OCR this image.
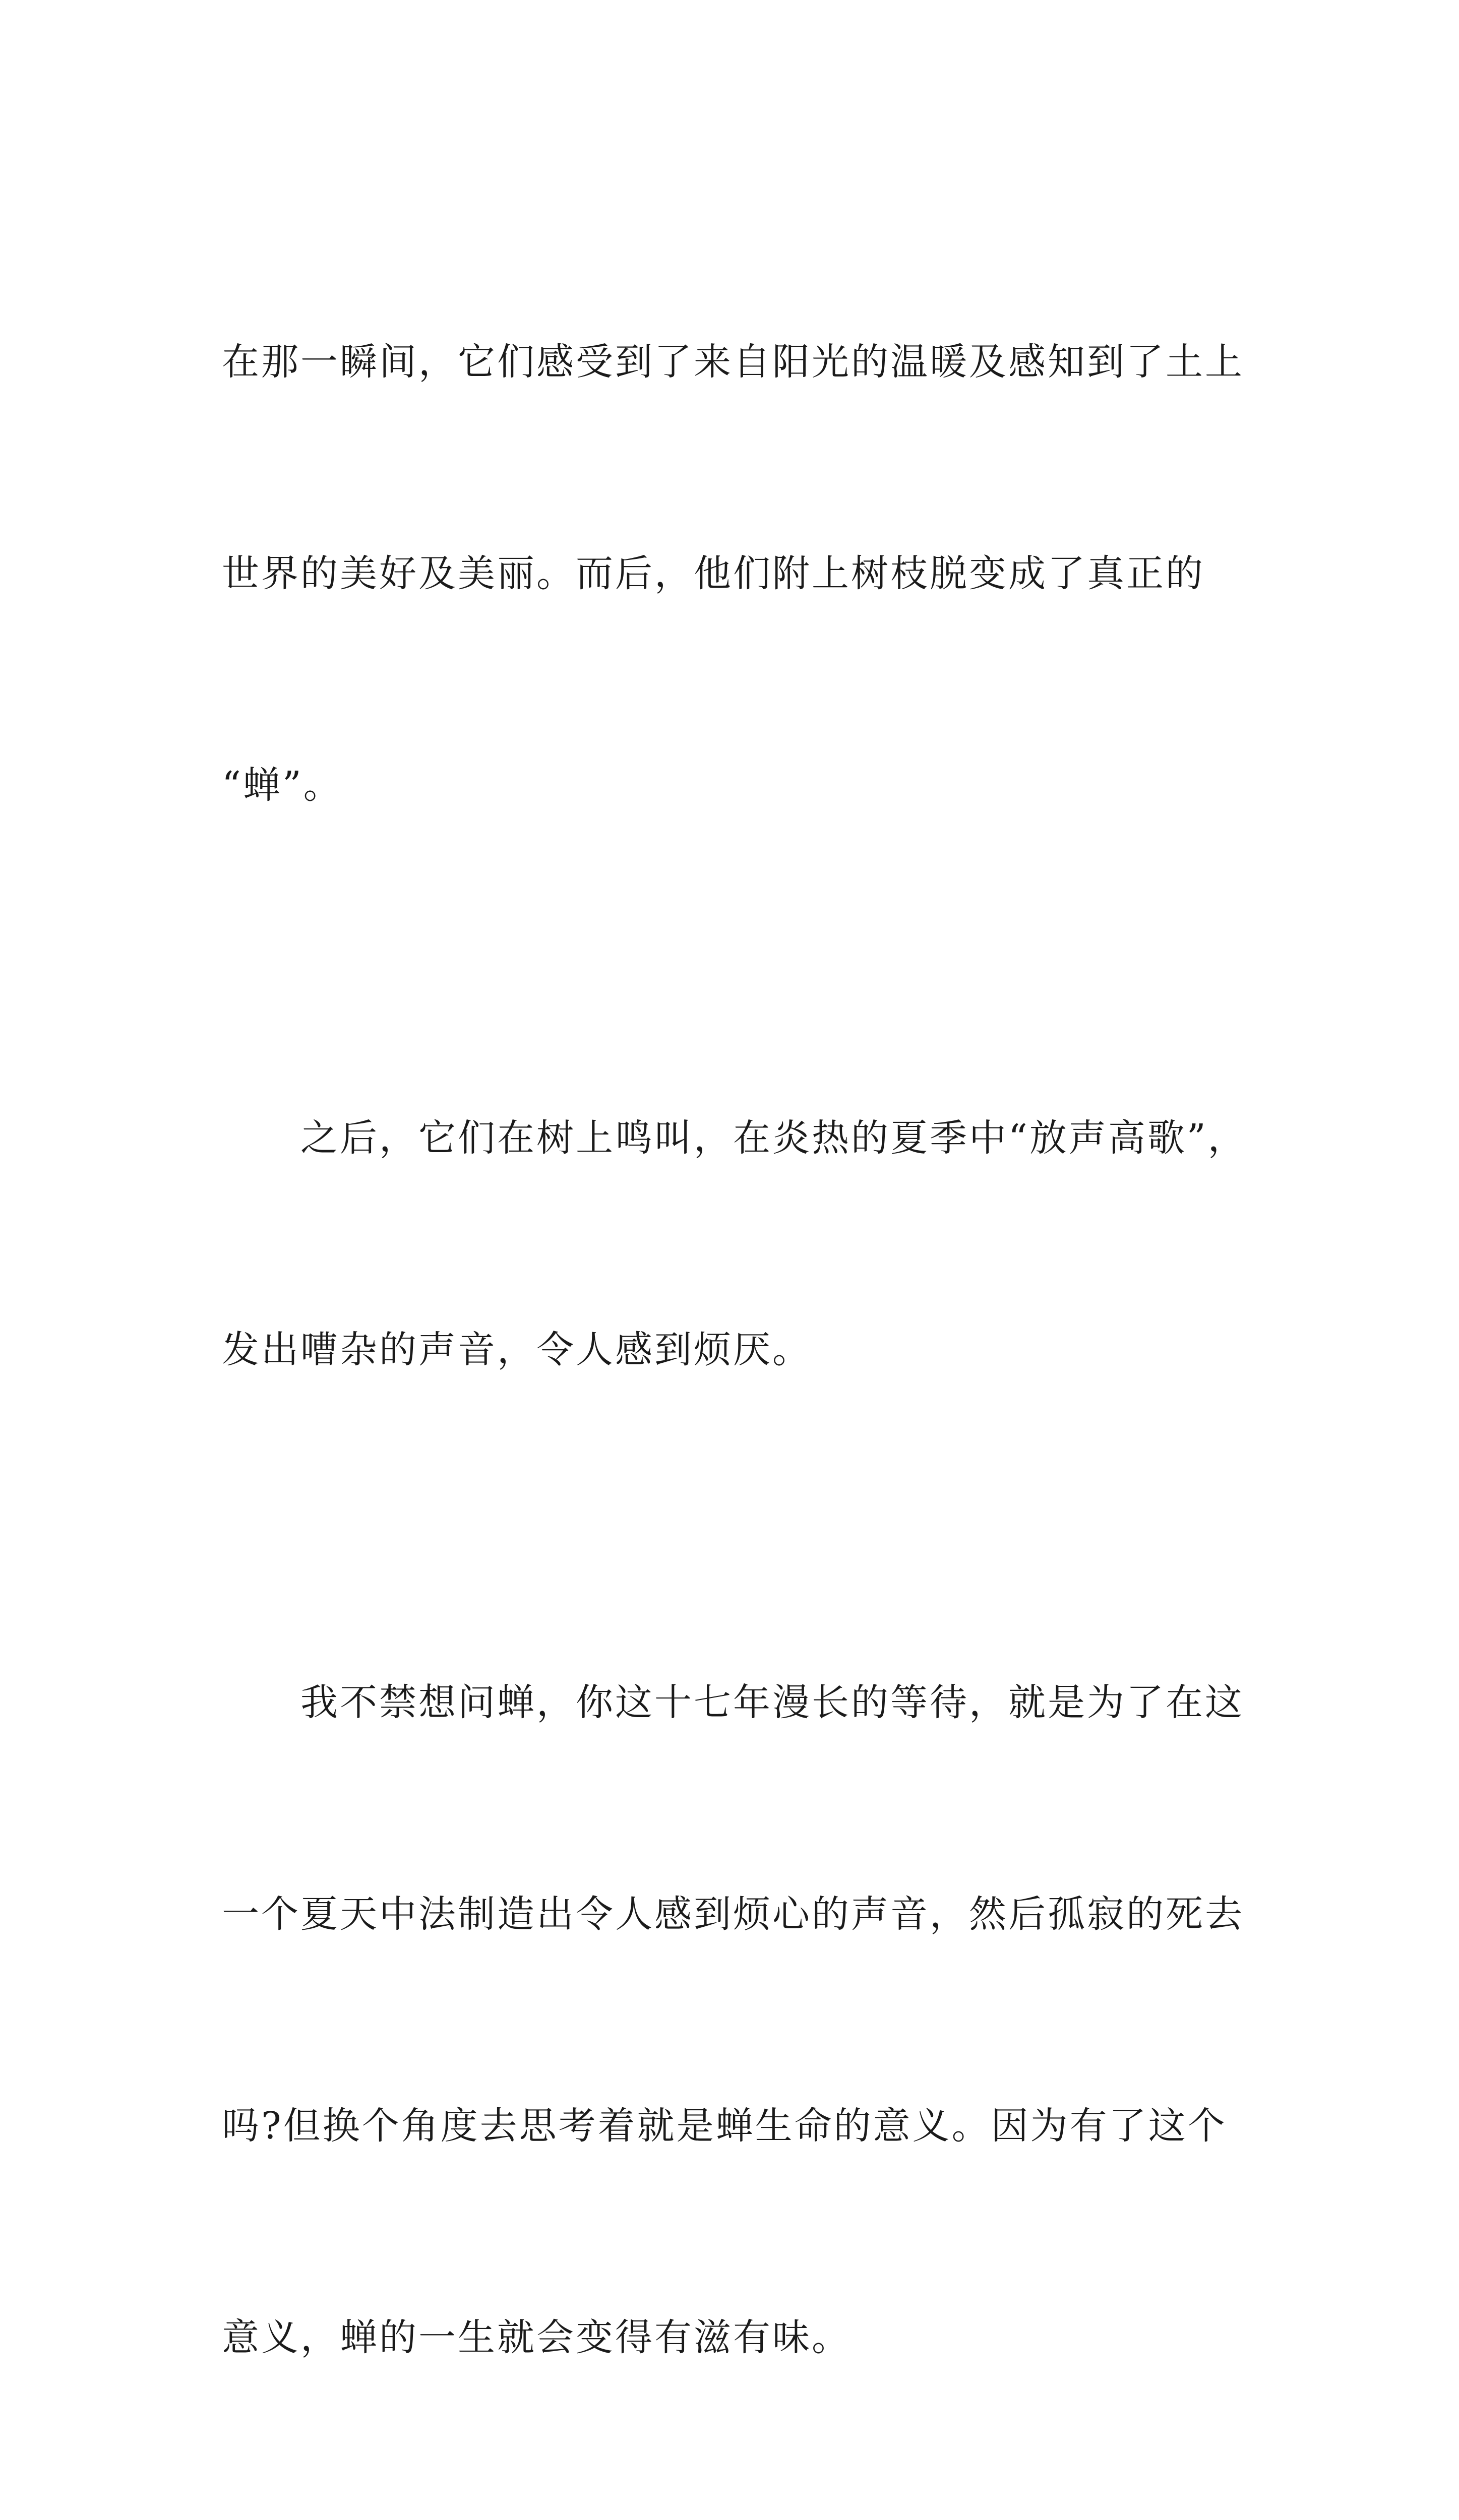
在那一瞬间，它们感受到了来自阳光的温暖及感知到了土上

世界的美好及美丽。而后，他们附上树枝脱变成了真正的

“蝉”。

　　之后，它们在树上鸣叫，在炎热的夏季中“放声高歌”，

发出嘈杂的声音，令人感到烦厌。

　　我不禁想问蝉，你这十七年漫长的等待，就是为了在这

一个夏天中法制造出令人感到烦心的声音，然后孤寂的死去

吗?但换个角度去思考着就是蝉生命的意义。因为有了这个

意义，蝉的一生就会变得有滋有味。
